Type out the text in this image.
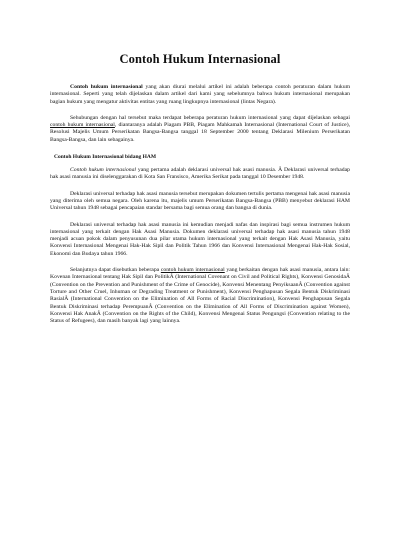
Contoh Hukum Internasional

Contoh hukum internasional yang akan diurai melalui artikel ini adalah beberapa contoh peraturan dalam hukum internasional. Seperti yang telah dijelaskan dalam artikel dari kami yang sebelumnya bahwa hukum internasional merupakan bagian hukum yang mengatur aktivitas entitas yang ruang lingkupnya internasional (lintas Negara).

Sehubungan dengan hal tersebut maka terdapat beberapa peraturan hukum internasional yang dapat dijelaskan sebagai contoh hukum internasional, diantaranya adalah Piagam PBB, Piagam Mahkamah Internasional (International Court of Justice), Resolusi Majelis Umum Perserikatan Bangsa-Bangsa tanggal 18 September 2000 tentang Deklarasi Milenium Perserikatan Bangsa-Bangsa, dan lain sebagainya.

Contoh Hukum Internasional bidang HAM

Contoh hukum internasional yang pertama adalah deklarasi universal hak asasi manusia. Â Deklarasi universal terhadap hak asasi manusia ini diselenggarakan di Kota San Fransisco, Amerika Serikat pada tanggal 10 Desember 1948.

Deklarasi universal terhadap hak asasi manusia tersebut merupakan dokumen tertulis pertama mengenai hak asasi manusia yang diterima oleh semua negara. Oleh karena itu, majelis umum Perserikatan Bangsa-Bangsa (PBB) menyebut deklarasi HAM Universal tahun 1948 sebagai pencapaian standar bersama bagi semua orang dan bangsa di dunia.

Deklarasi universal terhadap hak asasi manusia ini kemudian menjadi nafas dan inspirasi bagi semua instrumen hukum internasional yang terkait dengan Hak Asasi Manusia. Dokumen deklarasi universal terhadap hak asasi manusia tahun 1948 menjadi acuan pokok dalam penyusunan dua pilar utama hukum internasional yang terkait dengan Hak Asasi Manusia, yaitu Konvensi Internasional Mengenai Hak-Hak Sipil dan Politik Tahun 1966 dan Konvensi Internasional Mengenai Hak-Hak Sosial, Ekonomi dan Budaya tahun 1966.

Selanjutnya dapat disebutkan beberapa contoh hukum internasional yang berkaitan dengan hak asasi manusia, antara lain: Kovenan Internasional tentang Hak Sipil dan PolitikÂ (International Covenant on Civil and Political Rights), Konvensi GenosidaÂ (Convention on the Prevention and Punishment of the Crime of Genocide), Konvensi Menentang PenyiksaanÂ (Convention against Torture and Other Cruel, Inhuman or Degrading Treatment or Punishment), Konvensi Penghapusan Segala Bentuk Diskriminasi RasialÂ (International Convention on the Elimination of All Forms of Racial Discrimination), Konvensi Penghapusan Segala Bentuk Diskriminasi terhadap PerempuanÂ (Convention on the Elimination of All Forms of Discrimination against Women), Konvensi Hak AnakÂ (Convention on the Rights of the Child), Konvensi Mengenai Status Pengungsi (Convention relating to the Status of Refugees), dan masih banyak lagi yang lainnya.
